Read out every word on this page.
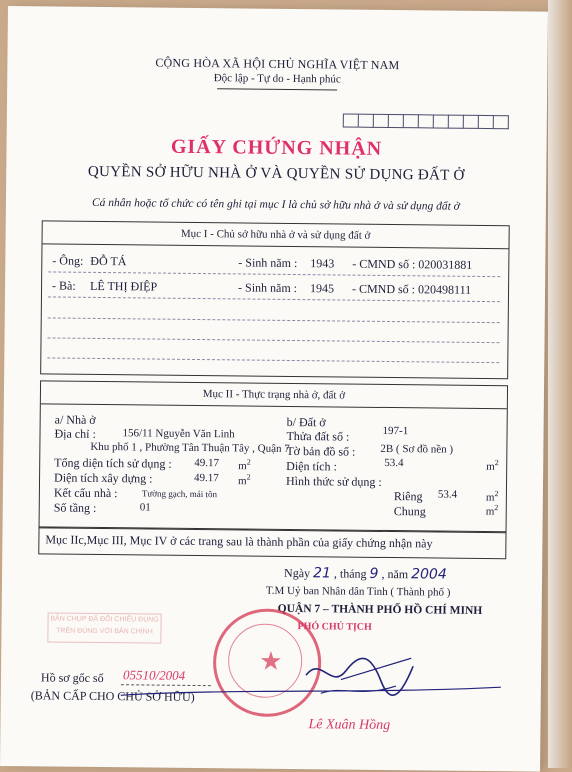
CỘNG HÒA XÃ HỘI CHỦ NGHĨA VIỆT NAM
Độc lập - Tự do - Hạnh phúc
GIẤY CHỨNG NHẬN
QUYỀN SỞ HỮU NHÀ Ở VÀ QUYỀN SỬ DỤNG ĐẤT Ở
Cá nhân hoặc tổ chức có tên ghi tại mục I là chủ sở hữu nhà ở và sử dụng đất ở
Mục I - Chủ sở hữu nhà ở và sử dụng đất ở
- Ông: ĐỖ TÁ	- Sinh năm : 1943 - CMND số : 020031881
- Bà: LÊ THỊ ĐIỆP	- Sinh năm : 1945 - CMND số : 020498111
Mục II - Thực trạng nhà ở, đất ở
a/ Nhà ở
Địa chỉ : 156/11 Nguyễn Văn Linh
Khu phố 1 , Phường Tân Thuận Tây , Quận 7
Tổng diện tích sử dụng : 49.17 $m^2$
Diện tích xây dựng :	49.17 $m^2$
Kết cấu nhà :	Tường gạch, mái tôn
Số tầng :	01
b/ Đất ở
Thửa đất số :	197-1
Tờ bản đồ số : 2B ( Sơ đồ nền )
Diện tích :	53.4	$m^2$
Hình thức sử dụng :
Riêng 53.4	$m^2$
Chung	$m^2$
Mục IIc,Mục III, Mục IV ở các trang sau là thành phần của giấy chứng nhận này
Ngày 21 , tháng 9 , năm 2004
T.M Uỷ ban Nhân dân Tỉnh ( Thành phố )
QUẬN 7 – THÀNH PHỐ HỒ CHÍ MINH
PHÓ CHỦ TỊCH
Lê Xuân Hồng
BẢN CHỤP ĐÃ ĐỐI CHIẾU ĐÚNG
TRÊN ĐÚNG VỚI BẢN CHÍNH
★
Hồ sơ gốc số 05510/2004
(BẢN CẤP CHO CHỦ SỞ HỮU)
